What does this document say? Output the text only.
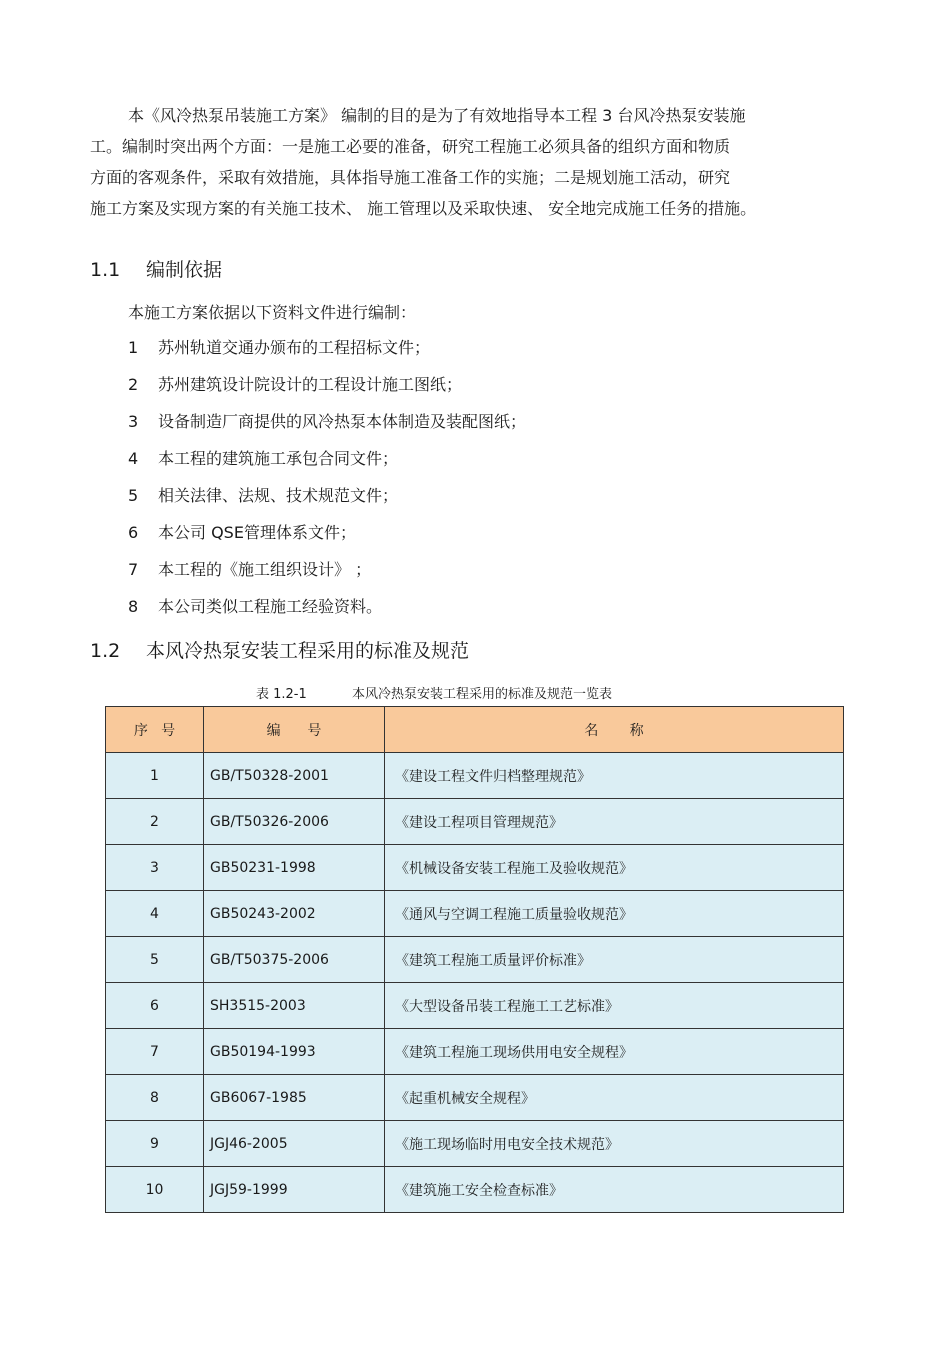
本《风冷热泵吊装施工方案》 编制的目的是为了有效地指导本工程 3 台风冷热泵安装施
工。编制时突出两个方面：一是施工必要的准备，研究工程施工必须具备的组织方面和物质
方面的客观条件，采取有效措施，具体指导施工准备工作的实施；二是规划施工活动，研究
施工方案及实现方案的有关施工技术、 施工管理以及采取快速、 安全地完成施工任务的措施。
1.1 编制依据
本施工方案依据以下资料文件进行编制：
1 苏州轨道交通办颁布的工程招标文件；
2 苏州建筑设计院设计的工程设计施工图纸；
3 设备制造厂商提供的风冷热泵本体制造及装配图纸；
4 本工程的建筑施工承包合同文件；
5 相关法律、法规、技术规范文件；
6 本公司 QSE管理体系文件；
7 本工程的《施工组织设计》 ；
8 本公司类似工程施工经验资料。
1.2 本风冷热泵安装工程采用的标准及规范
表 1.2-1	本风冷热泵安装工程采用的标准及规范一览表
序   号	编      号	名       称
1	GB/T50328-2001	《建设工程文件归档整理规范》
2	GB/T50326-2006	《建设工程项目管理规范》
3	GB50231-1998	《机械设备安装工程施工及验收规范》
4	GB50243-2002	《通风与空调工程施工质量验收规范》
5	GB/T50375-2006	《建筑工程施工质量评价标准》
6	SH3515-2003	《大型设备吊装工程施工工艺标准》
7	GB50194-1993	《建筑工程施工现场供用电安全规程》
8	GB6067-1985	《起重机械安全规程》
9	JGJ46-2005	《施工现场临时用电安全技术规范》
10	JGJ59-1999	《建筑施工安全检查标准》
